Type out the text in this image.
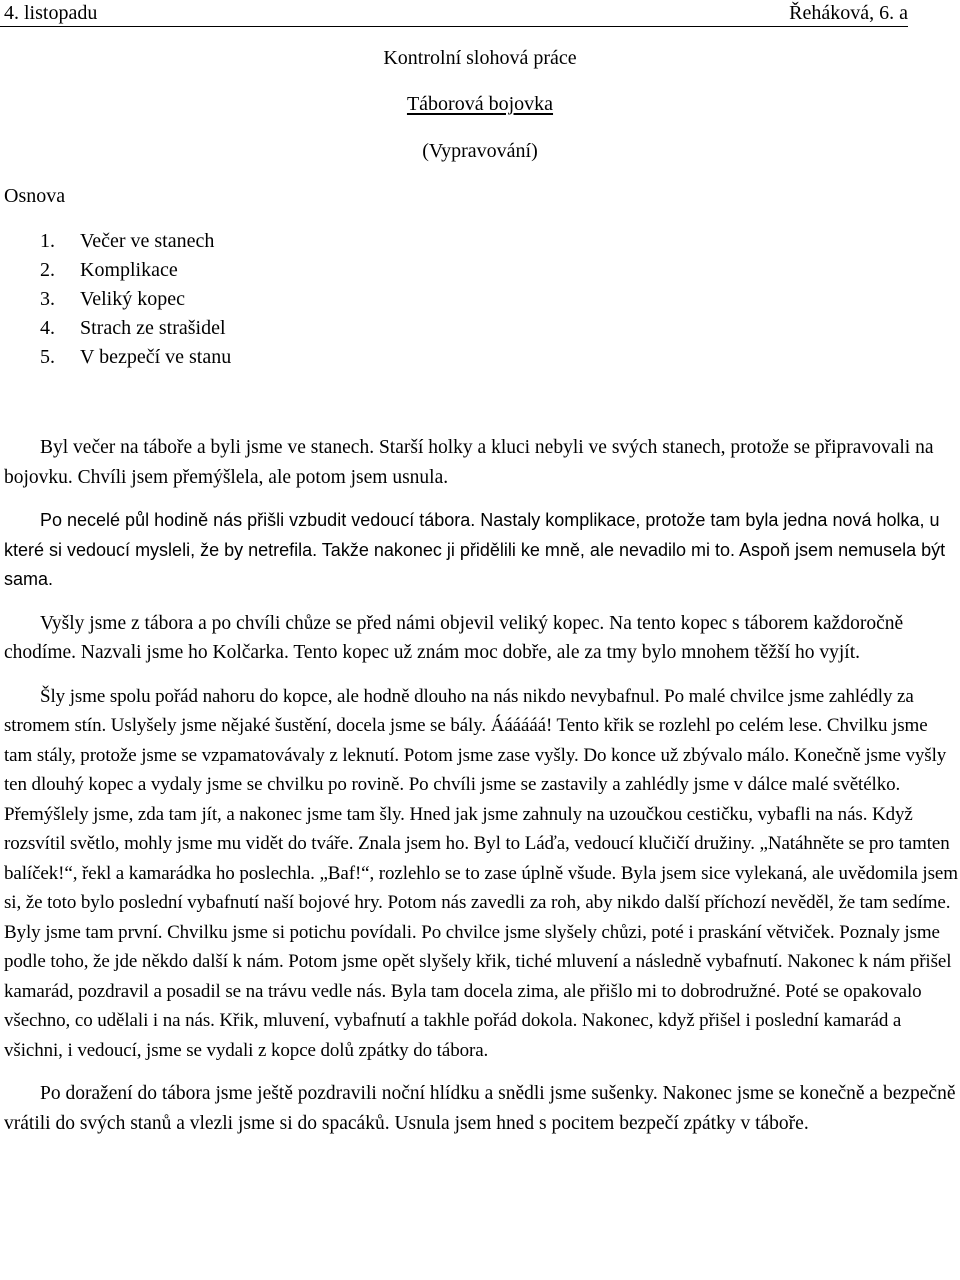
4. listopadu	Řeháková, 6. a
Kontrolní slohová práce
Táborová bojovka
(Vypravování)
Osnova
1. Večer ve stanech
2. Komplikace
3. Veliký kopec
4. Strach ze strašidel
5. V bezpečí ve stanu

Byl večer na táboře a byli jsme ve stanech. Starší holky a kluci nebyli ve svých stanech, protože se připravovali na bojovku. Chvíli jsem přemýšlela, ale potom jsem usnula.

Po necelé půl hodině nás přišli vzbudit vedoucí tábora. Nastaly komplikace, protože tam byla jedna nová holka, u které si vedoucí mysleli, že by netrefila. Takže nakonec ji přidělili ke mně, ale nevadilo mi to. Aspoň jsem nemusela být sama.

Vyšly jsme z tábora a po chvíli chůze se před námi objevil veliký kopec. Na tento kopec s táborem každoročně chodíme. Nazvali jsme ho Kolčarka. Tento kopec už znám moc dobře, ale za tmy bylo mnohem těžší ho vyjít.

Šly jsme spolu pořád nahoru do kopce, ale hodně dlouho na nás nikdo nevybafnul. Po malé chvilce jsme zahlédly za stromem stín. Uslyšely jsme nějaké šustění, docela jsme se bály. Áááááá! Tento křik se rozlehl po celém lese. Chvilku jsme tam stály, protože jsme se vzpamatovávaly z leknutí. Potom jsme zase vyšly. Do konce už zbývalo málo. Konečně jsme vyšly ten dlouhý kopec a vydaly jsme se chvilku po rovině. Po chvíli jsme se zastavily a zahlédly jsme v dálce malé světélko. Přemýšlely jsme, zda tam jít, a nakonec jsme tam šly. Hned jak jsme zahnuly na uzoučkou cestičku, vybafli na nás. Když rozsvítil světlo, mohly jsme mu vidět do tváře. Znala jsem ho. Byl to Láďa, vedoucí klučičí družiny. „Natáhněte se pro tamten balíček!“, řekl a kamarádka ho poslechla. „Baf!“, rozlehlo se to zase úplně všude. Byla jsem sice vylekaná, ale uvědomila jsem si, že toto bylo poslední vybafnutí naší bojové hry. Potom nás zavedli za roh, aby nikdo další příchozí nevěděl, že tam sedíme. Byly jsme tam první. Chvilku jsme si potichu povídali. Po chvilce jsme slyšely chůzi, poté i praskání větviček. Poznaly jsme podle toho, že jde někdo další k nám. Potom jsme opět slyšely křik, tiché mluvení a následně vybafnutí. Nakonec k nám přišel kamarád, pozdravil a posadil se na trávu vedle nás. Byla tam docela zima, ale přišlo mi to dobrodružné. Poté se opakovalo všechno, co udělali i na nás. Křik, mluvení, vybafnutí a takhle pořád dokola. Nakonec, když přišel i poslední kamarád a všichni, i vedoucí, jsme se vydali z kopce dolů zpátky do tábora.

Po doražení do tábora jsme ještě pozdravili noční hlídku a snědli jsme sušenky. Nakonec jsme se konečně a bezpečně vrátili do svých stanů a vlezli jsme si do spacáků. Usnula jsem hned s pocitem bezpečí zpátky v táboře.
